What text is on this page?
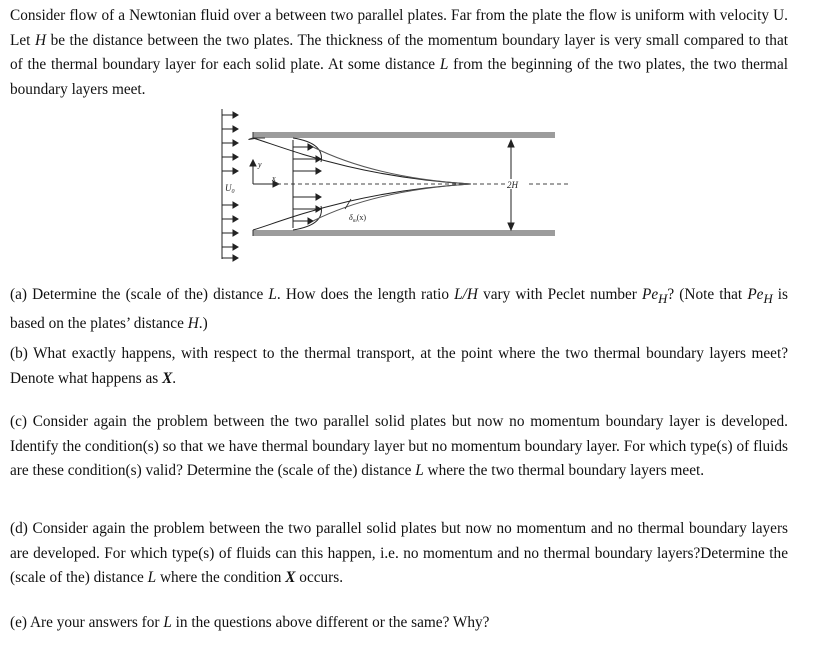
Consider flow of a Newtonian fluid over a between two parallel plates. Far from the plate the flow is uniform with velocity U. Let H be the distance between the two plates. The thickness of the momentum boundary layer is very small compared to that of the thermal boundary layer for each solid plate. At some distance L from the beginning of the two plates, the two thermal boundary layers meet.

$U_0$
y
x
$\delta_m(x)$
2H

(a) Determine the (scale of the) distance L. How does the length ratio L/H vary with Peclet number $Pe_H$? (Note that $Pe_H$ is based on the plates’ distance H.)

(b) What exactly happens, with respect to the thermal transport, at the point where the two thermal boundary layers meet? Denote what happens as X.

(c) Consider again the problem between the two parallel solid plates but now no momentum boundary layer is developed. Identify the condition(s) so that we have thermal boundary layer but no momentum boundary layer. For which type(s) of fluids are these condition(s) valid? Determine the (scale of the) distance L where the two thermal boundary layers meet.

(d) Consider again the problem between the two parallel solid plates but now no momentum and no thermal boundary layers are developed. For which type(s) of fluids can this happen, i.e. no momentum and no thermal boundary layers?Determine the (scale of the) distance L where the condition X occurs.

(e) Are your answers for L in the questions above different or the same? Why?
